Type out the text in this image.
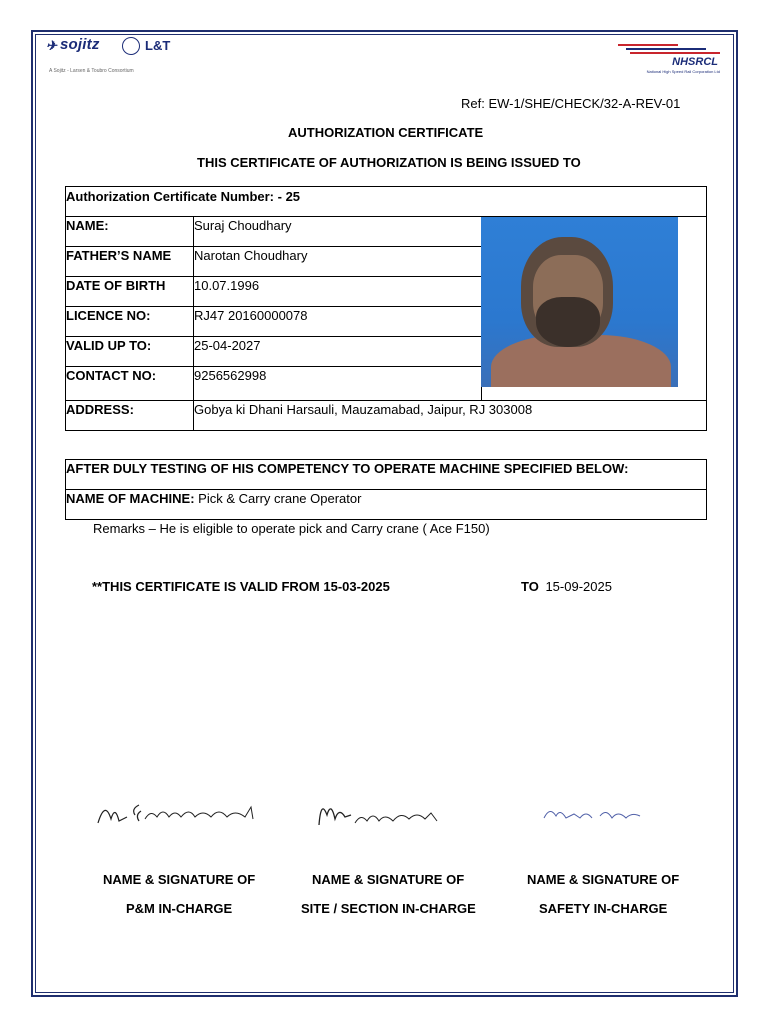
✈ sojitz	L&T
A Sojitz - Larsen & Toubro Consortium
NHSRCL
National High Speed Rail Corporation Ltd
Ref: EW-1/SHE/CHECK/32-A-REV-01
AUTHORIZATION CERTIFICATE
THIS CERTIFICATE OF AUTHORIZATION IS BEING ISSUED TO
Authorization Certificate Number: - 25
NAME:	Suraj Choudhary
FATHER’S NAME Narotan Choudhary
DATE OF BIRTH 10.07.1996
LICENCE NO:	RJ47 20160000078
VALID UP TO:	25-04-2027
CONTACT NO:	9256562998
ADDRESS:	Gobya ki Dhani Harsauli, Mauzamabad, Jaipur, RJ 303008
AFTER DULY TESTING OF HIS COMPETENCY TO OPERATE MACHINE SPECIFIED BELOW:
NAME OF MACHINE: Pick & Carry crane Operator
Remarks – He is eligible to operate pick and Carry crane ( Ace F150)
**THIS CERTIFICATE IS VALID FROM 15-03-2025	TO 15-09-2025
NAME & SIGNATURE OF
P&M IN-CHARGE
NAME & SIGNATURE OF
SITE / SECTION IN-CHARGE
NAME & SIGNATURE OF
SAFETY IN-CHARGE
